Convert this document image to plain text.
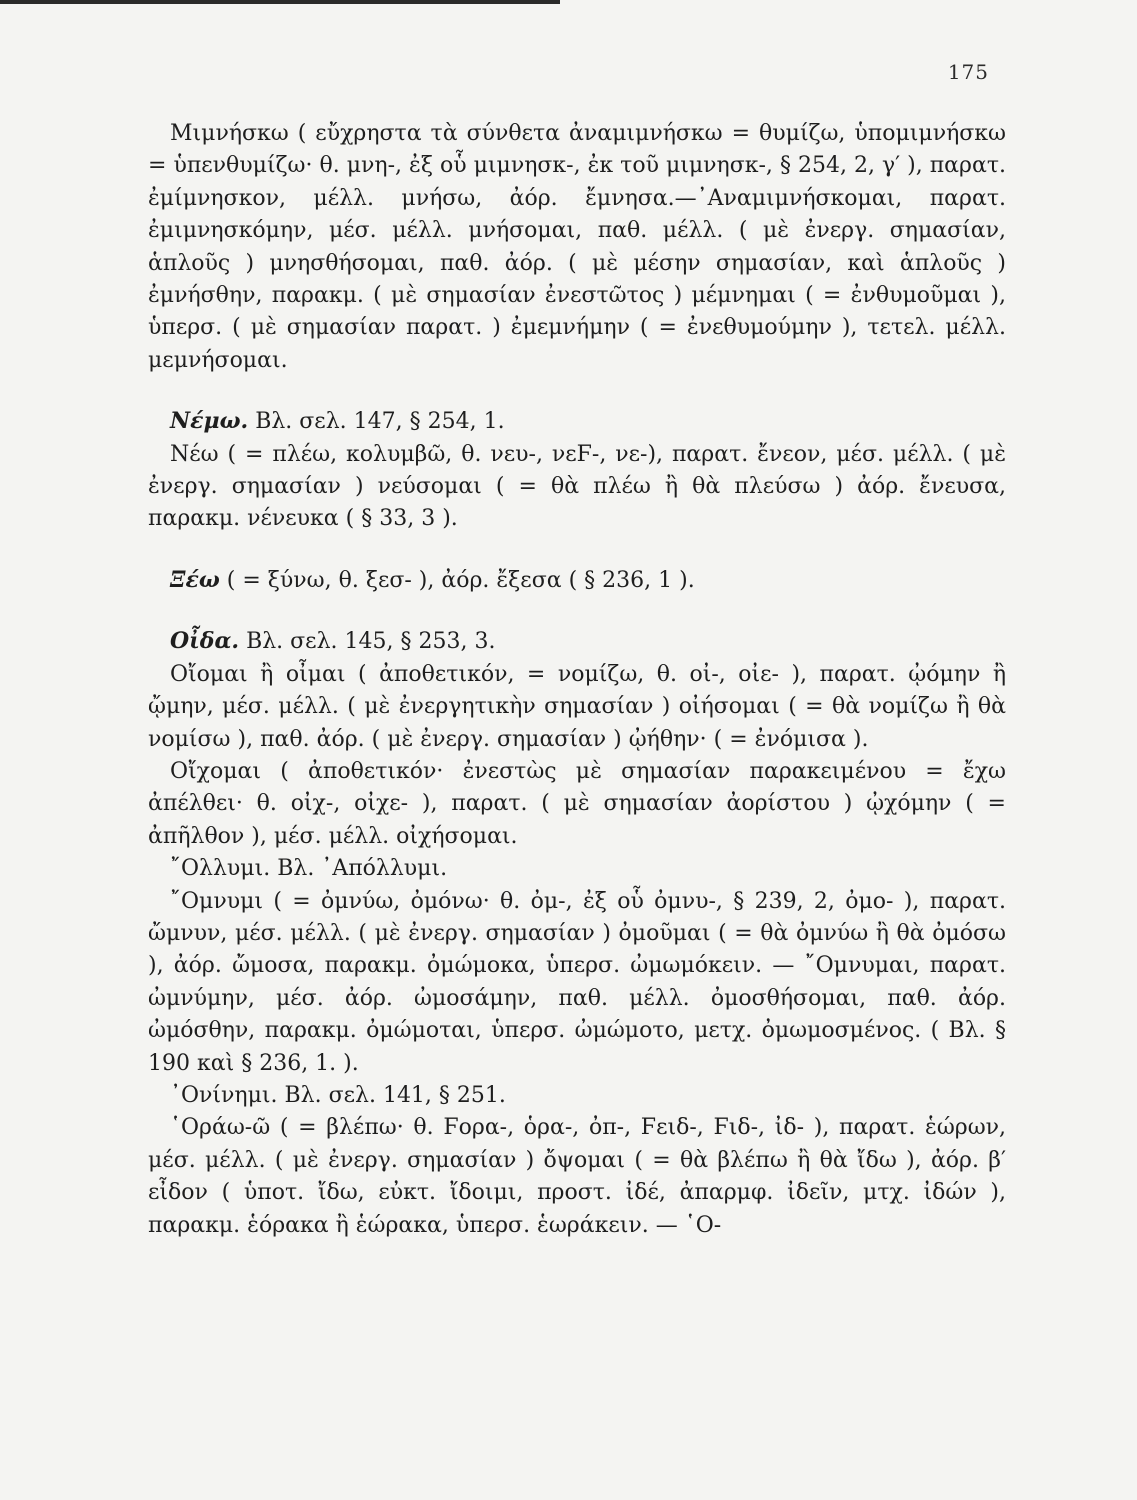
175

Μιμνήσκω ( εὔχρηστα τὰ σύνθετα ἀναμιμνήσκω = θυμίζω, ὑπομιμνήσκω = ὑπενθυμίζω· θ. μνη-, ἐξ οὗ μιμνησκ-, ἐκ τοῦ μιμνησκ-, § 254, 2, γ′ ), παρατ. ἐμίμνησκον, μέλλ. μνήσω, ἀόρ. ἔμνησα.—᾿Αναμιμνήσκομαι, παρατ. ἐμιμνησκόμην, μέσ. μέλλ. μνήσομαι, παθ. μέλλ. ( μὲ ἐνεργ. σημασίαν, ἁπλοῦς ) μνησθήσομαι, παθ. ἀόρ. ( μὲ μέσην σημασίαν, καὶ ἁπλοῦς ) ἐμνήσθην, παρακμ. ( μὲ σημασίαν ἐνεστῶτος ) μέμνημαι ( = ἐνθυμοῦμαι ), ὑπερσ. ( μὲ σημασίαν παρατ. ) ἐμεμνήμην ( = ἐνεθυμούμην ), τετελ. μέλλ. μεμνήσομαι.

Νέμω. Βλ. σελ. 147, § 254, 1.

Νέω ( = πλέω, κολυμβῶ, θ. νευ-, νεϜ-, νε-), παρατ. ἔνεον, μέσ. μέλλ. ( μὲ ἐνεργ. σημασίαν ) νεύσομαι ( = θὰ πλέω ἢ θὰ πλεύσω ) ἀόρ. ἔνευσα, παρακμ. νένευκα ( § 33, 3 ).

Ξέω ( = ξύνω, θ. ξεσ- ), ἀόρ. ἔξεσα ( § 236, 1 ).

Οἶδα. Βλ. σελ. 145, § 253, 3.

Οἴομαι ἢ οἶμαι ( ἀποθετικόν, = νομίζω, θ. οἰ-, οἰε- ), παρατ. ᾠόμην ἢ ᾤμην, μέσ. μέλλ. ( μὲ ἐνεργητικὴν σημασίαν ) οἰήσομαι ( = θὰ νομίζω ἢ θὰ νομίσω ), παθ. ἀόρ. ( μὲ ἐνεργ. σημασίαν ) ᾠήθην· ( = ἐνόμισα ).

Οἴχομαι ( ἀποθετικόν· ἐνεστὼς μὲ σημασίαν παρακειμένου = ἔχω ἀπέλθει· θ. οἰχ-, οἰχε- ), παρατ. ( μὲ σημασίαν ἀορίστου ) ᾠχόμην ( = ἀπῆλθον ), μέσ. μέλλ. οἰχήσομαι.

῎Ολλυμι. Βλ. ᾿Απόλλυμι.

῎Ομνυμι ( = ὀμνύω, ὀμόνω· θ. ὀμ-, ἐξ οὗ ὀμνυ-, § 239, 2, ὀμο- ), παρατ. ὤμνυν, μέσ. μέλλ. ( μὲ ἐνεργ. σημασίαν ) ὀμοῦμαι ( = θὰ ὀμνύω ἢ θὰ ὀμόσω ), ἀόρ. ὤμοσα, παρακμ. ὀμώμοκα, ὑπερσ. ὠμωμόκειν. — ῎Ομνυμαι, παρατ. ὠμνύμην, μέσ. ἀόρ. ὠμοσάμην, παθ. μέλλ. ὀμοσθήσομαι, παθ. ἀόρ. ὠμόσθην, παρακμ. ὀμώμοται, ὑπερσ. ὠμώμοτο, μετχ. ὀμωμοσμένος. ( Βλ. § 190 καὶ § 236, 1. ).

᾿Ονίνημι. Βλ. σελ. 141, § 251.

῾Οράω-ῶ ( = βλέπω· θ. Ϝορα-, ὁρα-, ὀπ-, Ϝειδ-, Ϝιδ-, ἰδ- ), παρατ. ἑώρων, μέσ. μέλλ. ( μὲ ἐνεργ. σημασίαν ) ὄψομαι ( = θὰ βλέπω ἢ θὰ ἴδω ), ἀόρ. β′ εἶδον ( ὑποτ. ἴδω, εὐκτ. ἴδοιμι, προστ. ἰδέ, ἀπαρμφ. ἰδεῖν, μτχ. ἰδών ), παρακμ. ἑόρακα ἢ ἑώρακα, ὑπερσ. ἑωράκειν. — ῾Ο-
